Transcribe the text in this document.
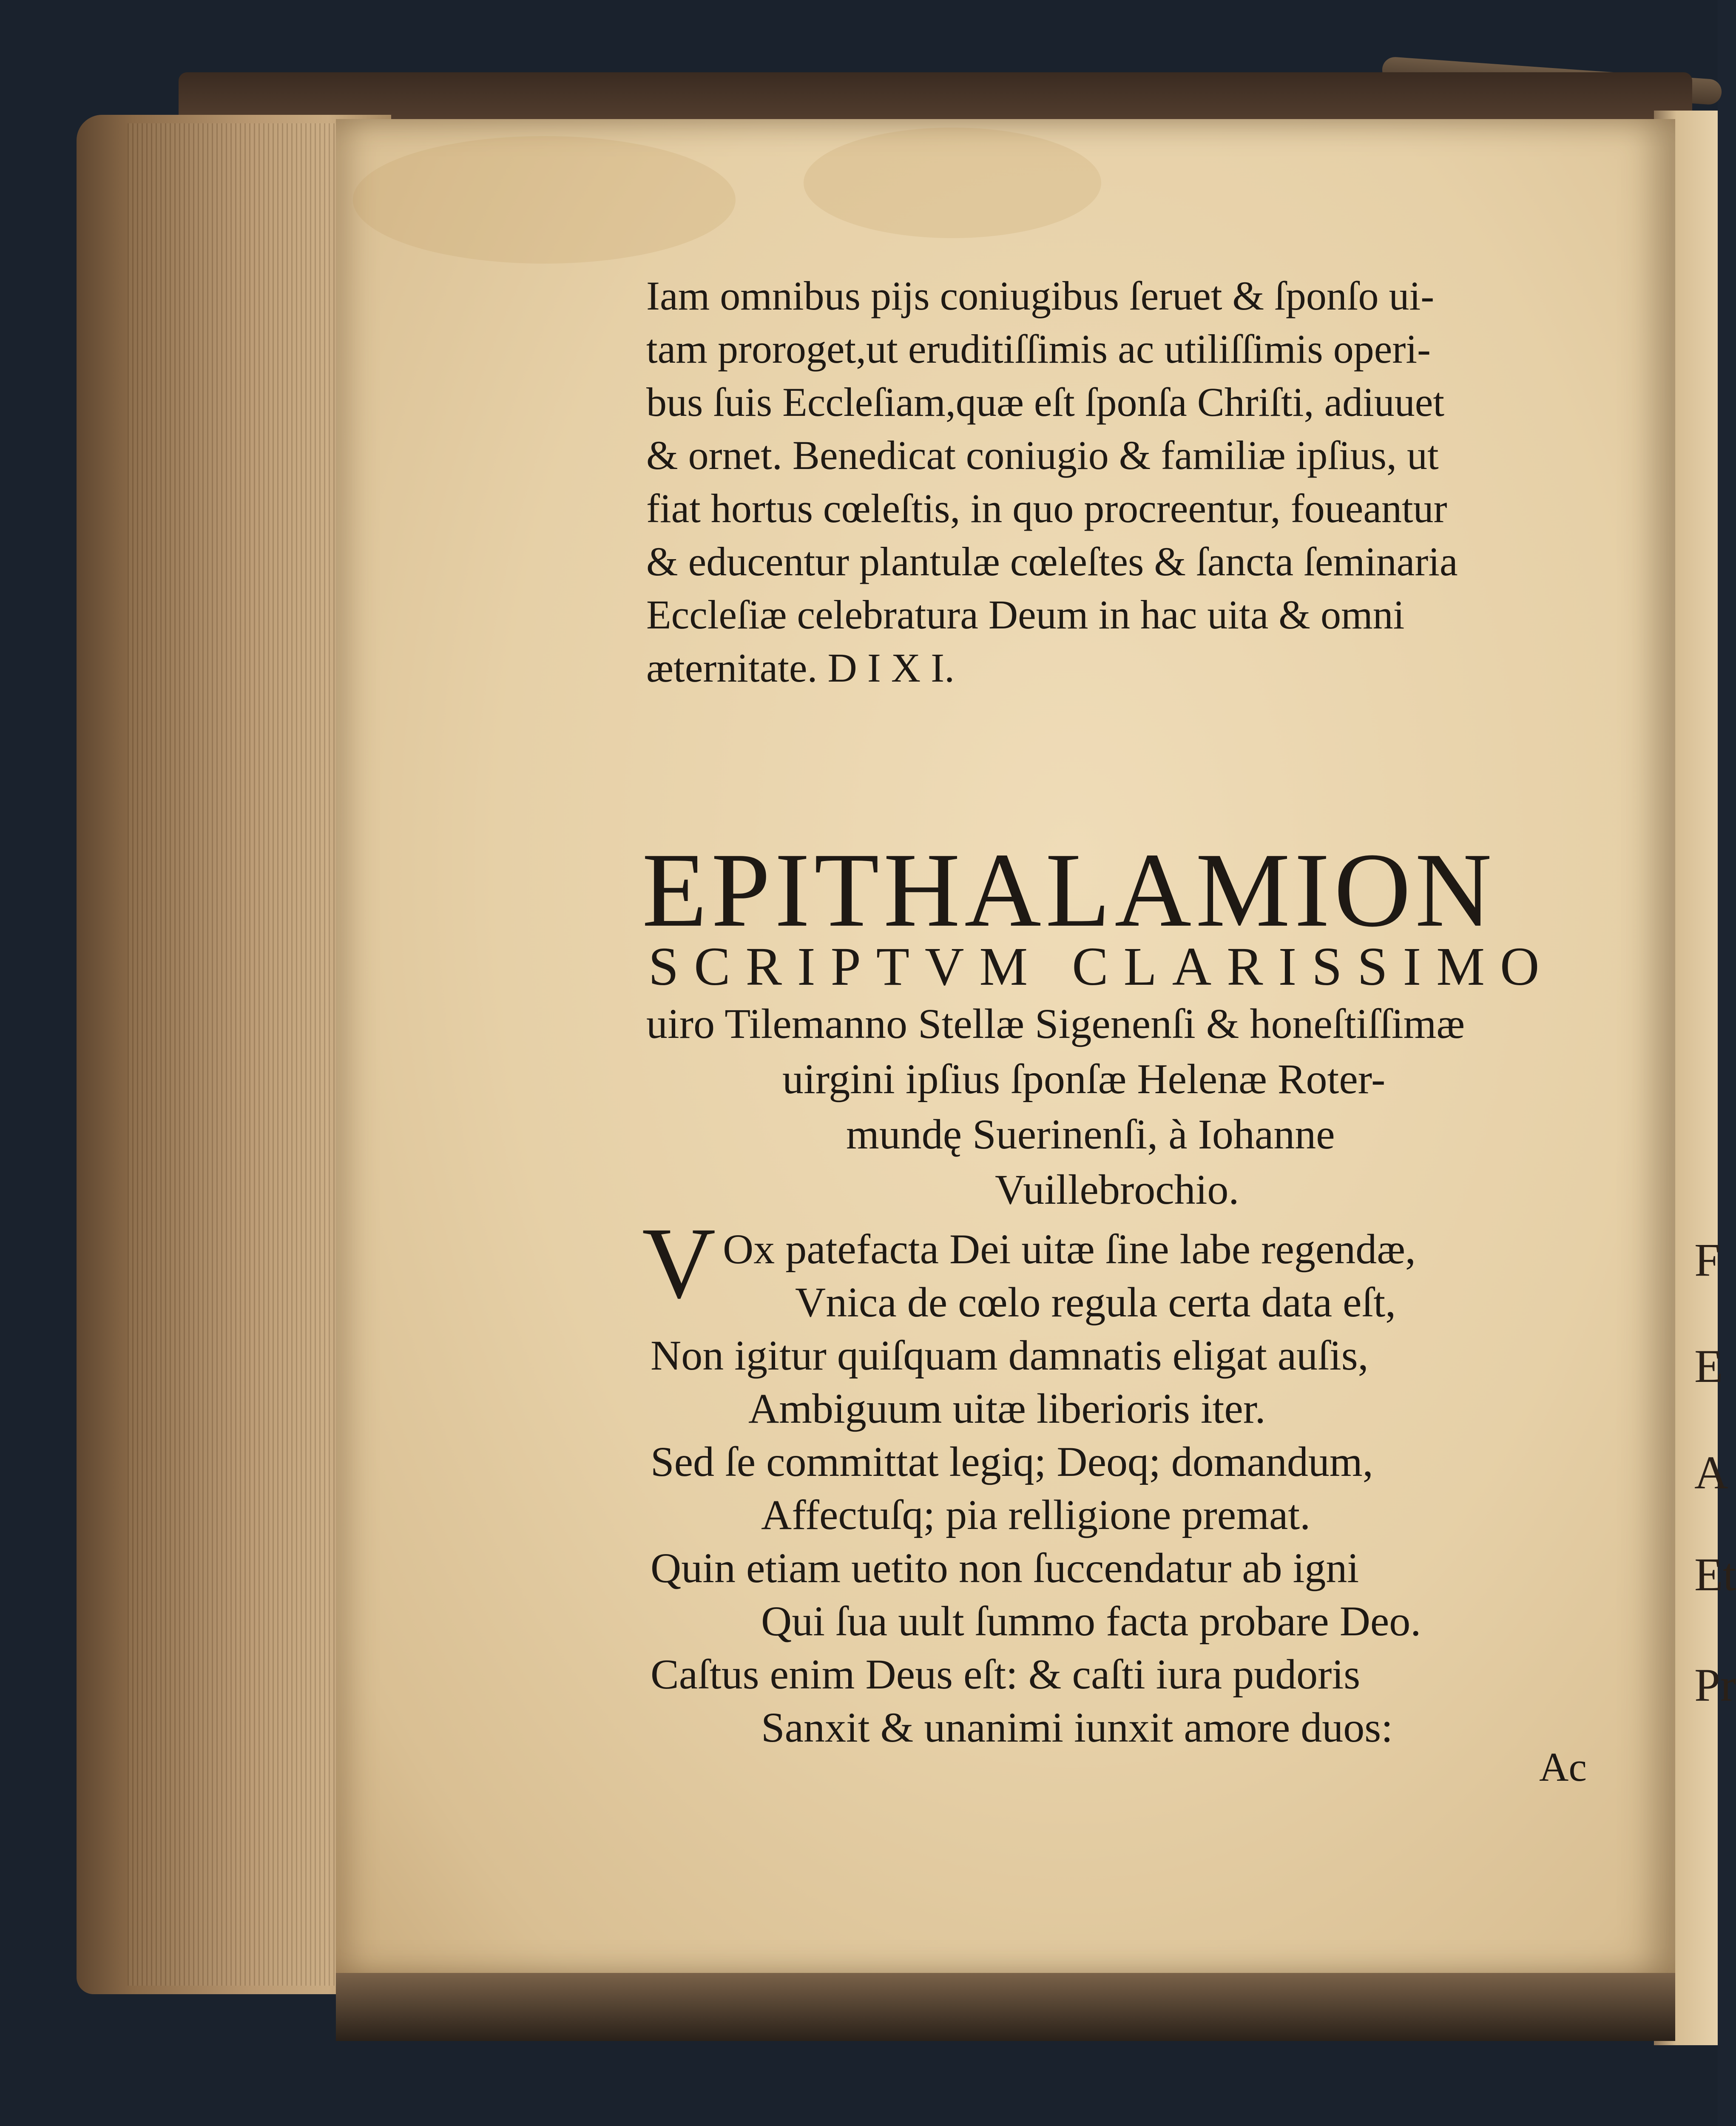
F
E
A
Et
Pr
Iam omnibus pijs coniugibus ſeruet & ſponſo ui-
tam proroget,ut eruditiſſimis ac utiliſſimis operi-
bus ſuis Eccleſiam,quæ eſt ſponſa Chriſti, adiuuet
& ornet. Benedicat coniugio & familiæ ipſius, ut
fiat hortus cœleſtis, in quo procreentur, foueantur
& educentur plantulæ cœleſtes & ſancta ſeminaria
Eccleſiæ celebratura Deum in hac uita & omni
æternitate. D I X I.
EPITHALAMION
SCRIPTVM CLARISSIMO
uiro Tilemanno Stellæ Sigenenſi & honeſtiſſimæ
uirgini ipſius ſponſæ Helenæ Roter-
mundę Suerinenſi, à Iohanne
Vuillebrochio.
V Ox patefacta Dei uitæ ſine labe regendæ,
Vnica de cœlo regula certa data eſt,
Non igitur quiſquam damnatis eligat auſis,
Ambiguum uitæ liberioris iter.
Sed ſe committat legiq; Deoq; domandum,
Affectuſq; pia relligione premat.
Quin etiam uetito non ſuccendatur ab igni
Qui ſua uult ſummo facta probare Deo.
Caſtus enim Deus eſt: & caſti iura pudoris
Sanxit & unanimi iunxit amore duos:
Ac
